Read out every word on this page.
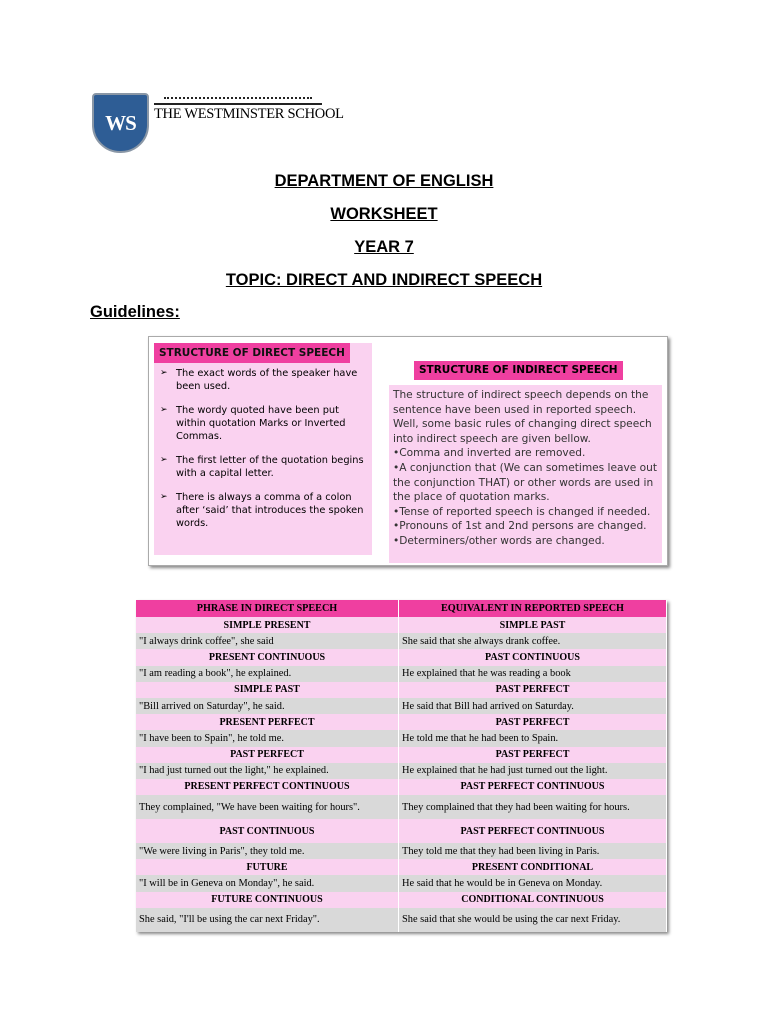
WS THE WESTMINSTER SCHOOL
DEPARTMENT OF ENGLISH
WORKSHEET
YEAR 7
TOPIC: DIRECT AND INDIRECT SPEECH
Guidelines:
STRUCTURE OF DIRECT SPEECH
➢ The exact words of the speaker have been used.
➢ The wordy quoted have been put within quotation Marks or Inverted Commas.
➢ The first letter of the quotation begins with a capital letter.
➢ There is always a comma of a colon after ‘said’ that introduces the spoken words.
STRUCTURE OF INDIRECT SPEECH

The structure of indirect speech depends on the sentence have been used in reported speech. Well, some basic rules of changing direct speech into indirect speech are given bellow.

•Comma and inverted are removed.

•A conjunction that (We can sometimes leave out the conjunction THAT) or other words are used in the place of quotation marks.

•Tense of reported speech is changed if needed.

•Pronouns of 1st and 2nd persons are changed.

•Determiners/other words are changed.

PHRASE IN DIRECT SPEECH	EQUIVALENT IN REPORTED SPEECH
SIMPLE PRESENT	SIMPLE PAST
"I always drink coffee", she said	She said that she always drank coffee.
PRESENT CONTINUOUS	PAST CONTINUOUS
"I am reading a book", he explained.	He explained that he was reading a book
SIMPLE PAST	PAST PERFECT
"Bill arrived on Saturday", he said.	He said that Bill had arrived on Saturday.
PRESENT PERFECT	PAST PERFECT
"I have been to Spain", he told me.	He told me that he had been to Spain.
PAST PERFECT	PAST PERFECT
"I had just turned out the light," he explained.	He explained that he had just turned out the light.
PRESENT PERFECT CONTINUOUS	PAST PERFECT CONTINUOUS
They complained, "We have been waiting for hours".	They complained that they had been waiting for hours.
PAST CONTINUOUS	PAST PERFECT CONTINUOUS
"We were living in Paris", they told me.	They told me that they had been living in Paris.
FUTURE	PRESENT CONDITIONAL
"I will be in Geneva on Monday", he said.	He said that he would be in Geneva on Monday.
FUTURE CONTINUOUS	CONDITIONAL CONTINUOUS
She said, "I'll be using the car next Friday".	She said that she would be using the car next Friday.
